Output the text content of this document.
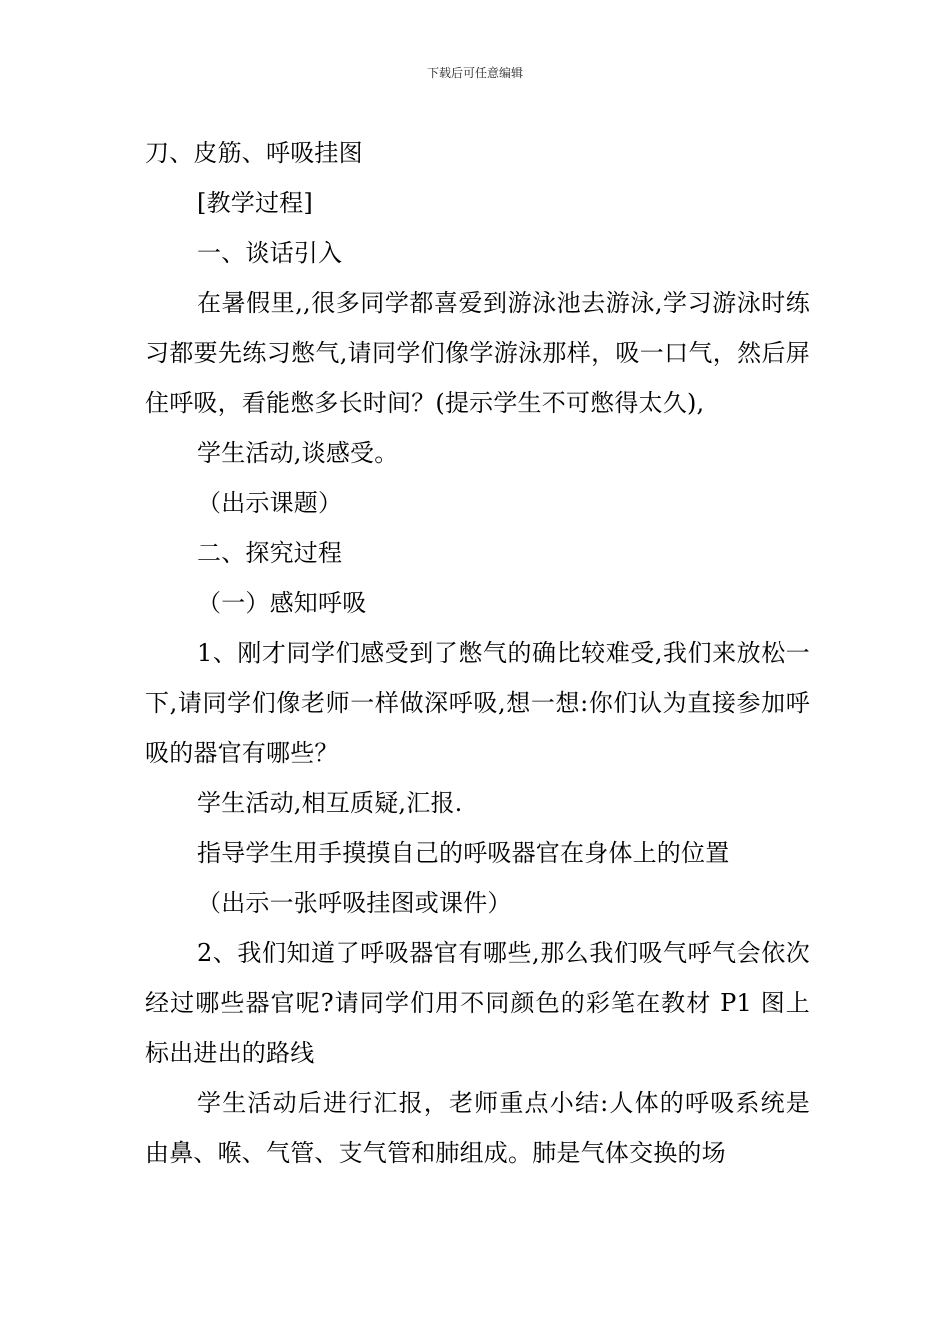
下载后可任意编辑

刀、皮筋、呼吸挂图

[教学过程]

一、谈话引入

在暑假里,,很多同学都喜爱到游泳池去游泳,学习游泳时练习都要先练习憋气,请同学们像学游泳那样，吸一口气，然后屏住呼吸，看能憋多长时间？(提示学生不可憋得太久),

学生活动,谈感受。

（出示课题）

二、探究过程

（一）感知呼吸

1、刚才同学们感受到了憋气的确比较难受,我们来放松一下,请同学们像老师一样做深呼吸,想一想:你们认为直接参加呼吸的器官有哪些？

学生活动,相互质疑,汇报.

指导学生用手摸摸自己的呼吸器官在身体上的位置

（出示一张呼吸挂图或课件）

2、我们知道了呼吸器官有哪些,那么我们吸气呼气会依次经过哪些器官呢?请同学们用不同颜色的彩笔在教材 P1 图上标出进出的路线

学生活动后进行汇报，老师重点小结:人体的呼吸系统是由鼻、喉、气管、支气管和肺组成。肺是气体交换的场
